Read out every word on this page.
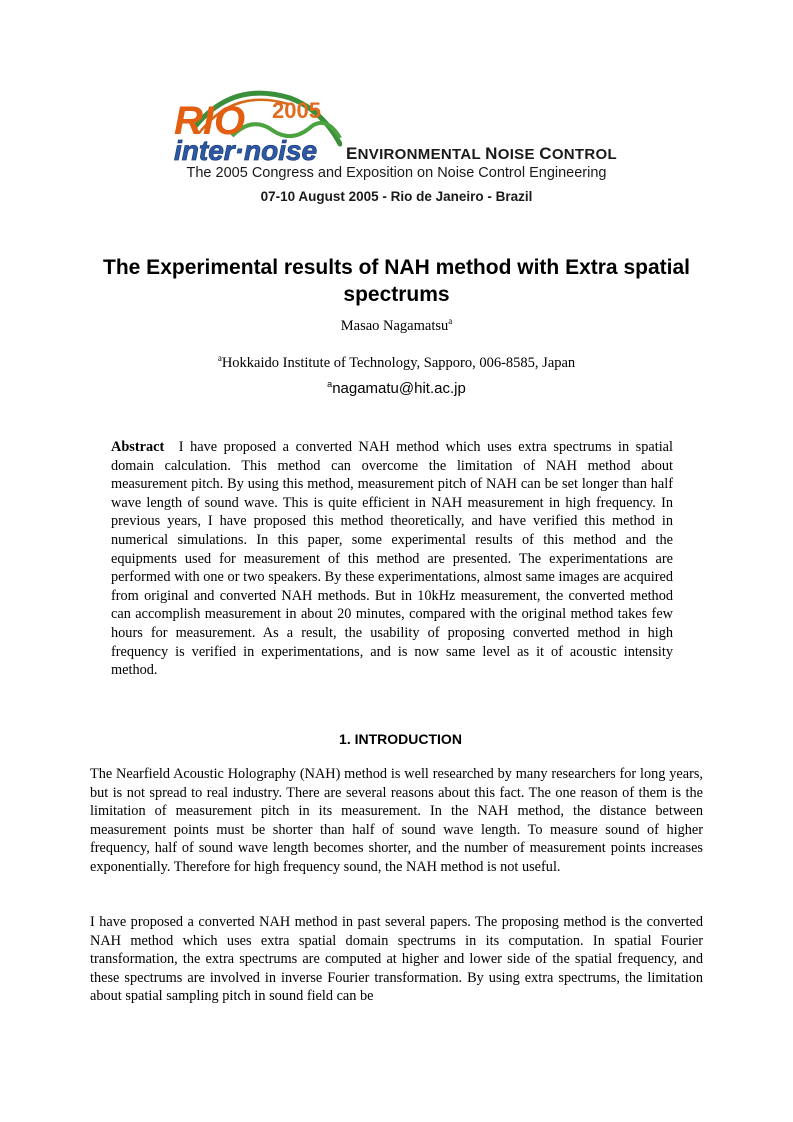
RIO 2005
inter·noise ENVIRONMENTAL NOISE CONTROL
The 2005 Congress and Exposition on Noise Control Engineering
07-10 August 2005 - Rio de Janeiro - Brazil
The Experimental results of NAH method with Extra spatial spectrums
Masao Nagamatsu$^a$
$^a$Hokkaido Institute of Technology, Sapporo, 006-8585, Japan
$^a$nagamatu@hit.ac.jp
Abstract I have proposed a converted NAH method which uses extra spectrums in spatial domain calculation. This method can overcome the limitation of NAH method about measurement pitch. By using this method, measurement pitch of NAH can be set longer than half wave length of sound wave. This is quite efficient in NAH measurement in high frequency. In previous years, I have proposed this method theoretically, and have verified this method in numerical simulations. In this paper, some experimental results of this method and the equipments used for measurement of this method are presented. The experimentations are performed with one or two speakers. By these experimentations, almost same images are acquired from original and converted NAH methods. But in 10kHz measurement, the converted method can accomplish measurement in about 20 minutes, compared with the original method takes few hours for measurement. As a result, the usability of proposing converted method in high frequency is verified in experimentations, and is now same level as it of acoustic intensity method.
1. INTRODUCTION
The Nearfield Acoustic Holography (NAH) method is well researched by many researchers for long years, but is not spread to real industry. There are several reasons about this fact. The one reason of them is the limitation of measurement pitch in its measurement. In the NAH method, the distance between measurement points must be shorter than half of sound wave length. To measure sound of higher frequency, half of sound wave length becomes shorter, and the number of measurement points increases exponentially. Therefore for high frequency sound, the NAH method is not useful.
I have proposed a converted NAH method in past several papers. The proposing method is the converted NAH method which uses extra spatial domain spectrums in its computation. In spatial Fourier transformation, the extra spectrums are computed at higher and lower side of the spatial frequency, and these spectrums are involved in inverse Fourier transformation. By using extra spectrums, the limitation about spatial sampling pitch in sound field can be
